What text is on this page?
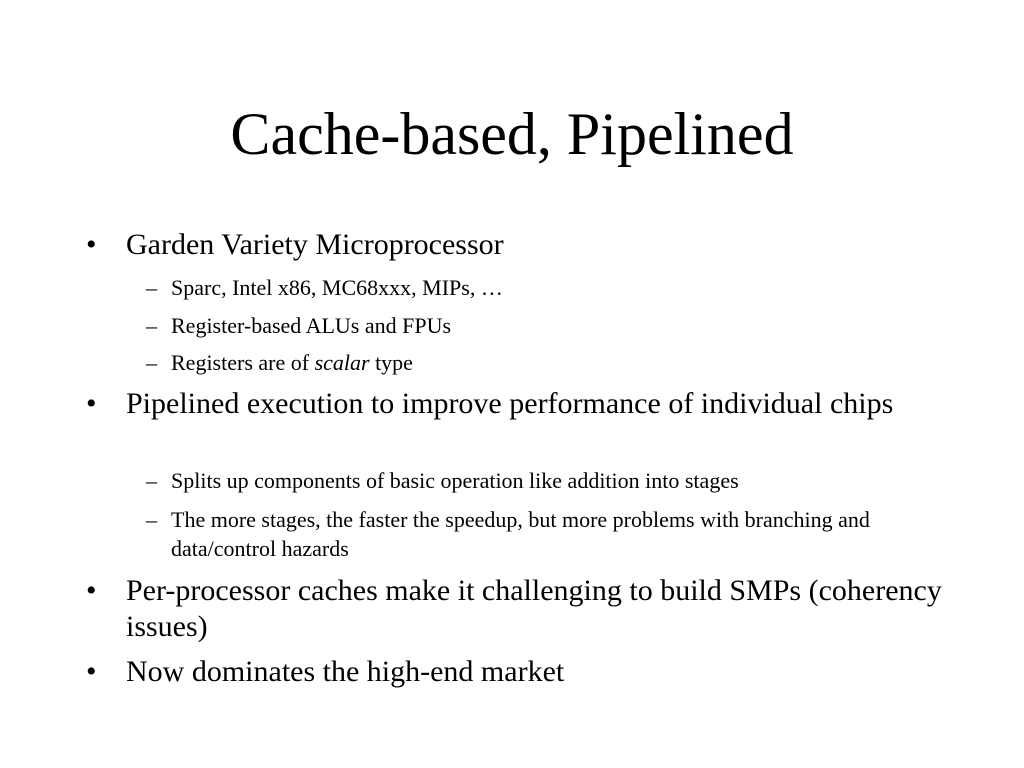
Cache-based, Pipelined
• Garden Variety Microprocessor
– Sparc, Intel x86, MC68xxx, MIPs, …
– Register-based ALUs and FPUs
– Registers are of scalar type
• Pipelined execution to improve performance of individual chips
– Splits up components of basic operation like addition into stages
– The more stages, the faster the speedup, but more problems with branching and data/control hazards
• Per-processor caches make it challenging to build SMPs (coherency issues)
• Now dominates the high-end market
